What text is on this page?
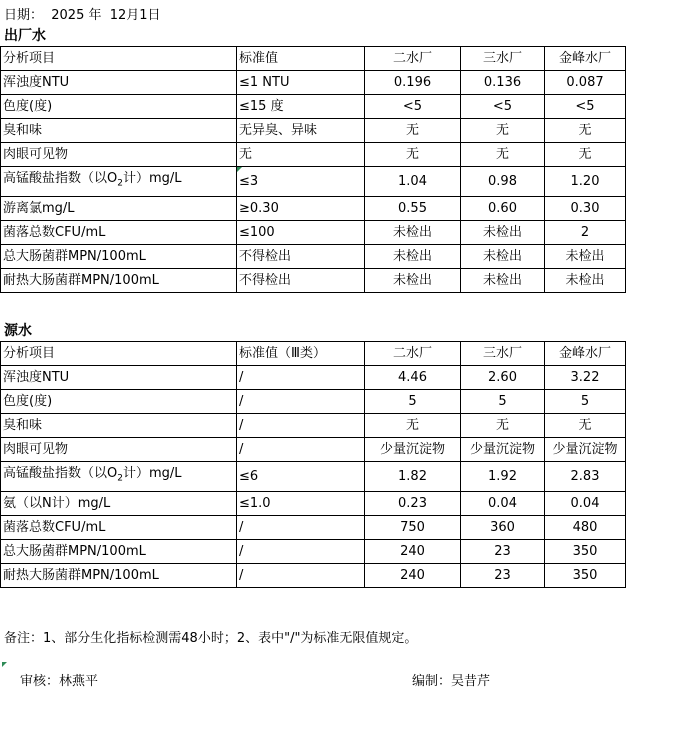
日期：  2025 年  12月1日
出厂水
分析项目	标准值	二水厂	三水厂	金峰水厂
浑浊度NTU	≤1 NTU	0.196	0.136	0.087
色度(度)	≤15 度	<5	<5	<5
臭和味	无异臭、异味	无	无	无
肉眼可见物	无	无	无	无
高锰酸盐指数（以$O_2$计）mg/L	≤3	1.04	0.98	1.20
游离氯mg/L	≥0.30	0.55	0.60	0.30
菌落总数CFU/mL	≤100	未检出	未检出	2
总大肠菌群MPN/100mL	不得检出	未检出	未检出	未检出
耐热大肠菌群MPN/100mL	不得检出	未检出	未检出	未检出
源水
分析项目	标准值（Ⅲ类）	二水厂	三水厂	金峰水厂
浑浊度NTU	/	4.46	2.60	3.22
色度(度)	/	5	5	5
臭和味	/	无	无	无
肉眼可见物	/	少量沉淀物	少量沉淀物	少量沉淀物
高锰酸盐指数（以$O_2$计）mg/L	≤6	1.82	1.92	2.83
氨（以N计）mg/L	≤1.0	0.23	0.04	0.04
菌落总数CFU/mL	/	750	360	480
总大肠菌群MPN/100mL	/	240	23	350
耐热大肠菌群MPN/100mL	/	240	23	350
备注：1、部分生化指标检测需48小时；2、表中"/"为标准无限值规定。
审核：林燕平	编制：吴昔芹
